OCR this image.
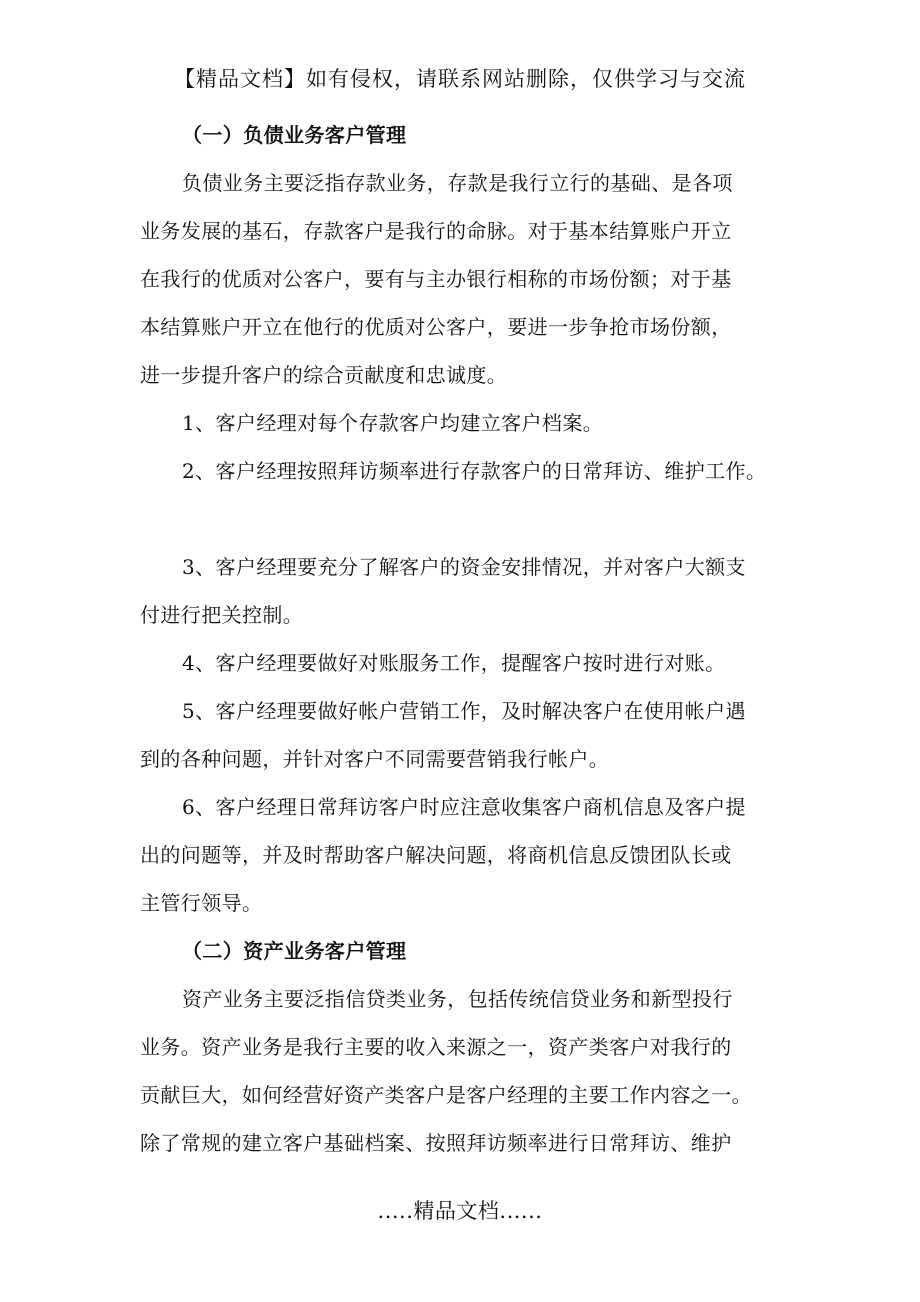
【精品文档】如有侵权，请联系网站删除，仅供学习与交流
（一）负债业务客户管理
负债业务主要泛指存款业务，存款是我行立行的基础、是各项
业务发展的基石，存款客户是我行的命脉。对于基本结算账户开立
在我行的优质对公客户，要有与主办银行相称的市场份额；对于基
本结算账户开立在他行的优质对公客户，要进一步争抢市场份额，
进一步提升客户的综合贡献度和忠诚度。
1、客户经理对每个存款客户均建立客户档案。
2、客户经理按照拜访频率进行存款客户的日常拜访、维护工作。
3、客户经理要充分了解客户的资金安排情况，并对客户大额支
付进行把关控制。
4、客户经理要做好对账服务工作，提醒客户按时进行对账。
5、客户经理要做好帐户营销工作，及时解决客户在使用帐户遇
到的各种问题，并针对客户不同需要营销我行帐户。
6、客户经理日常拜访客户时应注意收集客户商机信息及客户提
出的问题等，并及时帮助客户解决问题，将商机信息反馈团队长或
主管行领导。
（二）资产业务客户管理
资产业务主要泛指信贷类业务，包括传统信贷业务和新型投行
业务。资产业务是我行主要的收入来源之一，资产类客户对我行的
贡献巨大，如何经营好资产类客户是客户经理的主要工作内容之一。
除了常规的建立客户基础档案、按照拜访频率进行日常拜访、维护
.....精品文档......
